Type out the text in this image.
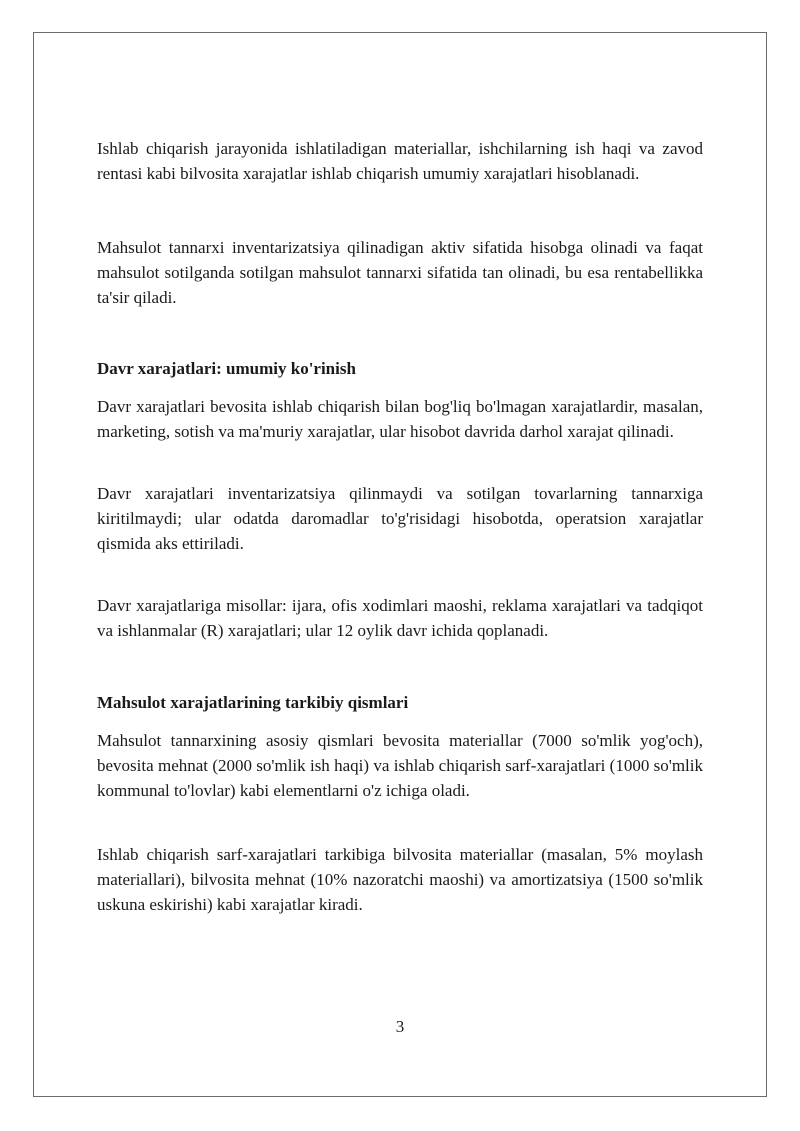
Ishlab chiqarish jarayonida ishlatiladigan materiallar, ishchilarning ish haqi va zavod rentasi kabi bilvosita xarajatlar ishlab chiqarish umumiy xarajatlari hisoblanadi.

Mahsulot tannarxi inventarizatsiya qilinadigan aktiv sifatida hisobga olinadi va faqat mahsulot sotilganda sotilgan mahsulot tannarxi sifatida tan olinadi, bu esa rentabellikka ta'sir qiladi.

Davr xarajatlari: umumiy ko'rinish

Davr xarajatlari bevosita ishlab chiqarish bilan bog'liq bo'lmagan xarajatlardir, masalan, marketing, sotish va ma'muriy xarajatlar, ular hisobot davrida darhol xarajat qilinadi.

Davr xarajatlari inventarizatsiya qilinmaydi va sotilgan tovarlarning tannarxiga kiritilmaydi; ular odatda daromadlar to'g'risidagi hisobotda, operatsion xarajatlar qismida aks ettiriladi.

Davr xarajatlariga misollar: ijara, ofis xodimlari maoshi, reklama xarajatlari va tadqiqot va ishlanmalar (R) xarajatlari; ular 12 oylik davr ichida qoplanadi.

Mahsulot xarajatlarining tarkibiy qismlari

Mahsulot tannarxining asosiy qismlari bevosita materiallar (7000 so'mlik yog'och), bevosita mehnat (2000 so'mlik ish haqi) va ishlab chiqarish sarf-xarajatlari (1000 so'mlik kommunal to'lovlar) kabi elementlarni o'z ichiga oladi.

Ishlab chiqarish sarf-xarajatlari tarkibiga bilvosita materiallar (masalan, 5% moylash materiallari), bilvosita mehnat (10% nazoratchi maoshi) va amortizatsiya (1500 so'mlik uskuna eskirishi) kabi xarajatlar kiradi.

3
